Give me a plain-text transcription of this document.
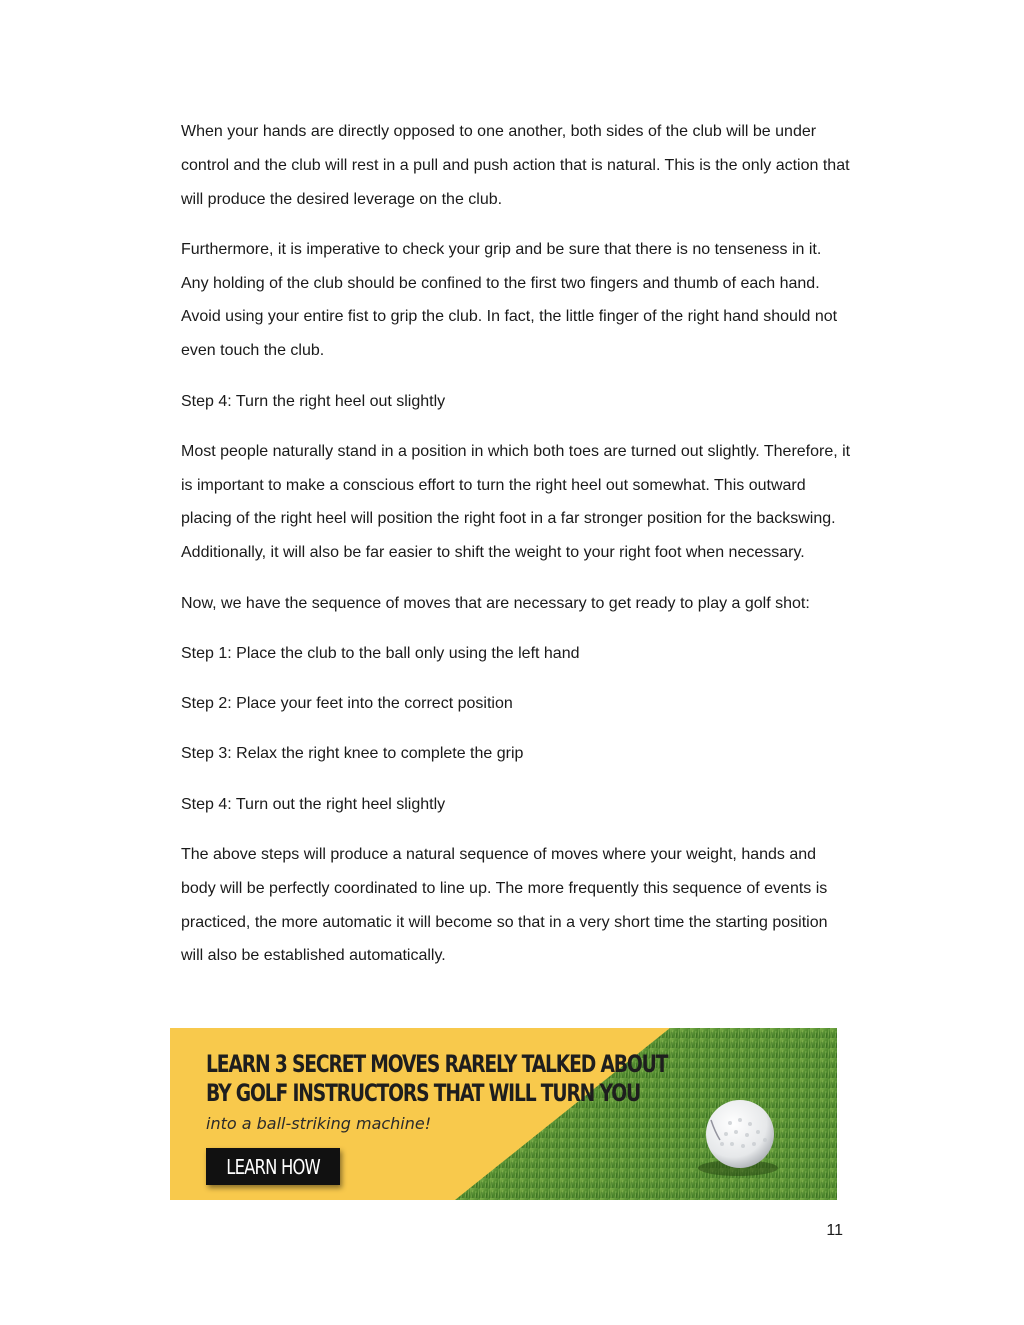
When your hands are directly opposed to one another, both sides of the club will be under control and the club will rest in a pull and push action that is natural. This is the only action that will produce the desired leverage on the club.

Furthermore, it is imperative to check your grip and be sure that there is no tenseness in it. Any holding of the club should be confined to the first two fingers and thumb of each hand. Avoid using your entire fist to grip the club. In fact, the little finger of the right hand should not even touch the club.

Step 4: Turn the right heel out slightly

Most people naturally stand in a position in which both toes are turned out slightly. Therefore, it is important to make a conscious effort to turn the right heel out somewhat. This outward placing of the right heel will position the right foot in a far stronger position for the backswing. Additionally, it will also be far easier to shift the weight to your right foot when necessary.

Now, we have the sequence of moves that are necessary to get ready to play a golf shot:

Step 1: Place the club to the ball only using the left hand

Step 2: Place your feet into the correct position

Step 3: Relax the right knee to complete the grip

Step 4: Turn out the right heel slightly

The above steps will produce a natural sequence of moves where your weight, hands and body will be perfectly coordinated to line up. The more frequently this sequence of events is practiced, the more automatic it will become so that in a very short time the starting position will also be established automatically.

LEARN 3 SECRET MOVES RARELY TALKED ABOUT
BY GOLF INSTRUCTORS THAT WILL TURN YOU
into a ball-striking machine!
LEARN HOW
11
